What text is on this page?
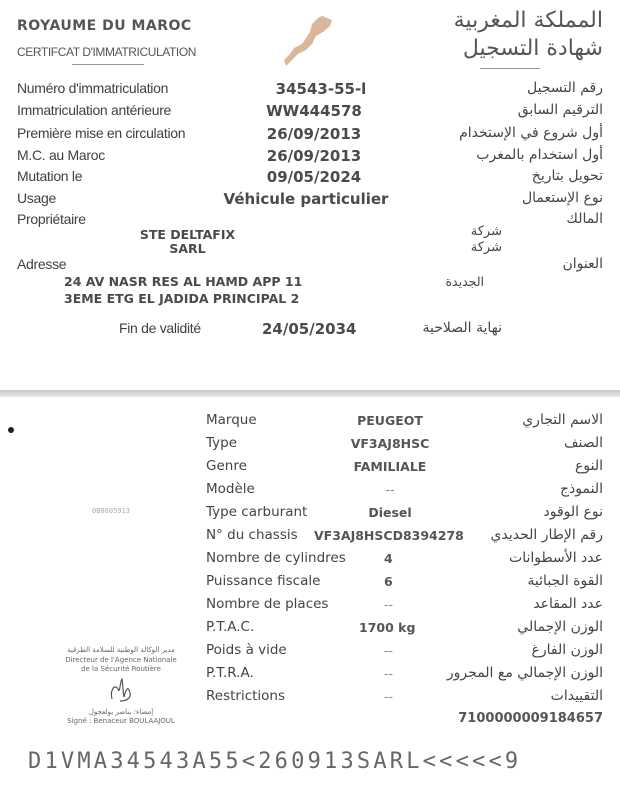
ROYAUME DU MAROC
CERTIFCAT D'IMMATRICULATION
المملكة المغربية
شهادة التسجيل
Numéro d'immatriculation	34543-ا-55	رقم التسجيل
Immatriculation antérieure	WW444578	الترقيم السابق
Première mise en circulation	26/09/2013	أول شروع في الإستخدام
M.C. au Maroc	26/09/2013	أول استخدام بالمغرب
Mutation le	09/05/2024	تحويل بتاريخ
Usage	Véhicule particulier	نوع الإستعمال
Propriétaire	المالك
STE DELTAFIX
SARL
شركة
شركة
Adresse	العنوان
24 AV NASR RES AL HAMD APP 11
3EME ETG EL JADIDA PRINCIPAL 2
الجديدة
Fin de validité	24/05/2034	نهاية الصلاحية
0B8605913
Marque	PEUGEOT	الاسم التجاري
Type	VF3AJ8HSC	الصنف
Genre	FAMILIALE	النوع
Modèle	--	النموذج
Type carburant	Diesel	نوع الوقود
N° du chassis VF3AJ8HSCD8394278 رقم الإطار الحديدي
Nombre de cylindres	4	عدد الأسطوانات
Puissance fiscale	6	القوة الجبائية
Nombre de places	--	عدد المقاعد
P.T.A.C.	1700 kg	الوزن الإجمالي
Poids à vide	--	الوزن الفارغ
P.T.R.A.	--	الوزن الإجمالي مع المجرور
Restrictions	--	التقييدات
7100000009184657
مدير الوكالة الوطنية للسلامة الطرقية
Directeur de l'Agence Nationale
de la Sécurité Routière
إمضاء: بناصر بولعجول
Signé : Benaceur BOULAAJOUL
D1VMA34543A55<260913SARL<<<<<9
